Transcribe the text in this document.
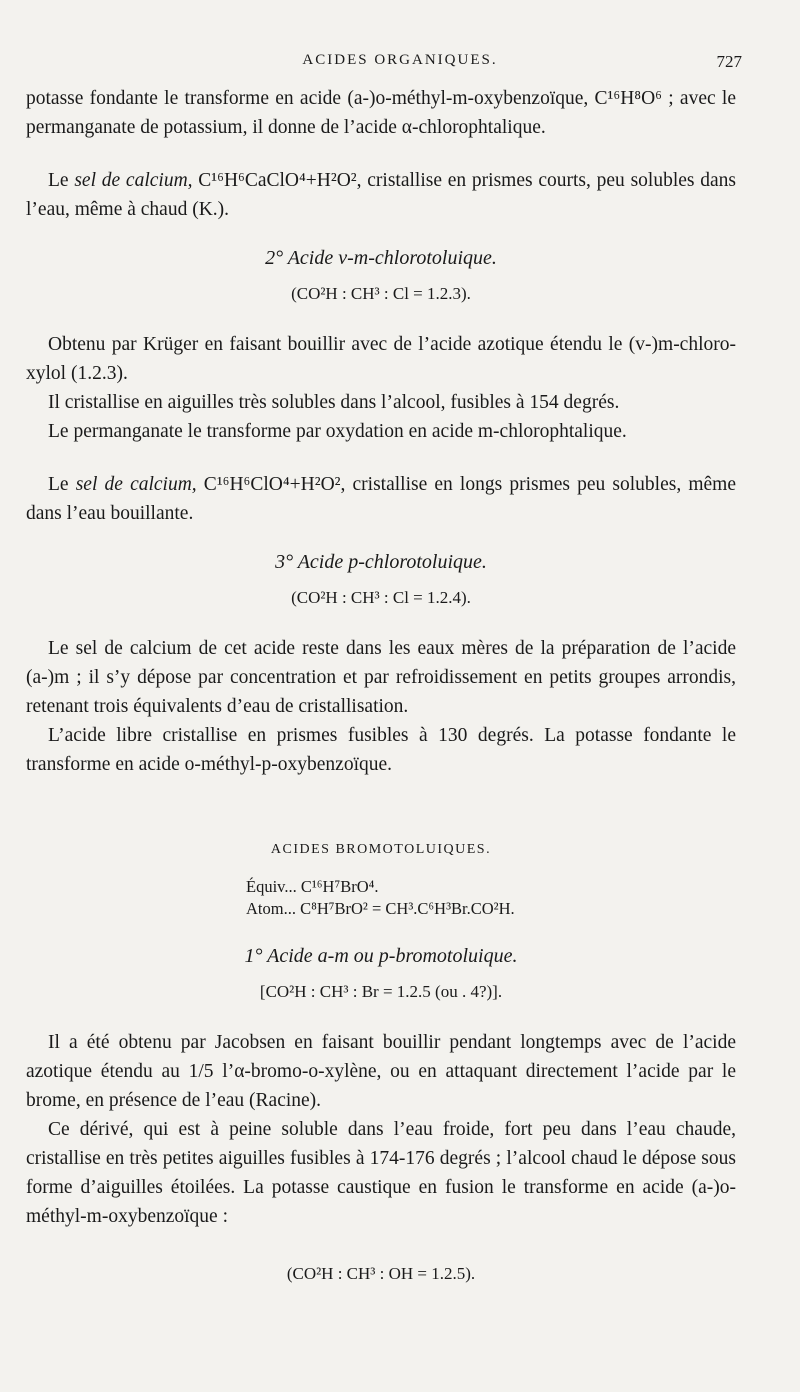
ACIDES ORGANIQUES.	727

potasse fondante le transforme en acide (a-)o-méthyl-m-oxybenzoïque, C¹⁶H⁸O⁶ ; avec le permanganate de potassium, il donne de l’acide α-chlorophtalique.

Le sel de calcium, C¹⁶H⁶CaClO⁴+H²O², cristallise en prismes courts, peu solubles dans l’eau, même à chaud (K.).

2° Acide v-m-chlorotoluique.
(CO²H : CH³ : Cl = 1.2.3).

Obtenu par Krüger en faisant bouillir avec de l’acide azotique étendu le (v-)m-chloro-xylol (1.2.3).

Il cristallise en aiguilles très solubles dans l’alcool, fusibles à 154 degrés.

Le permanganate le transforme par oxydation en acide m-chlorophtalique.

Le sel de calcium, C¹⁶H⁶ClO⁴+H²O², cristallise en longs prismes peu solubles, même dans l’eau bouillante.

3° Acide p-chlorotoluique.
(CO²H : CH³ : Cl = 1.2.4).

Le sel de calcium de cet acide reste dans les eaux mères de la préparation de l’acide (a-)m ; il s’y dépose par concentration et par refroidissement en petits groupes arrondis, retenant trois équivalents d’eau de cristallisation.

L’acide libre cristallise en prismes fusibles à 130 degrés. La potasse fondante le transforme en acide o-méthyl-p-oxybenzoïque.

ACIDES BROMOTOLUIQUES.
Équiv... C¹⁶H⁷BrO⁴.
Atom... C⁸H⁷BrO² = CH³.C⁶H³Br.CO²H.
1° Acide a-m ou p-bromotoluique.
[CO²H : CH³ : Br = 1.2.5 (ou . 4?)].

Il a été obtenu par Jacobsen en faisant bouillir pendant longtemps avec de l’acide azotique étendu au 1/5 l’α-bromo-o-xylène, ou en attaquant directement l’acide par le brome, en présence de l’eau (Racine).

Ce dérivé, qui est à peine soluble dans l’eau froide, fort peu dans l’eau chaude, cristallise en très petites aiguilles fusibles à 174-176 degrés ; l’alcool chaud le dépose sous forme d’aiguilles étoilées. La potasse caustique en fusion le transforme en acide (a-)o-méthyl-m-oxybenzoïque :

(CO²H : CH³ : OH = 1.2.5).
